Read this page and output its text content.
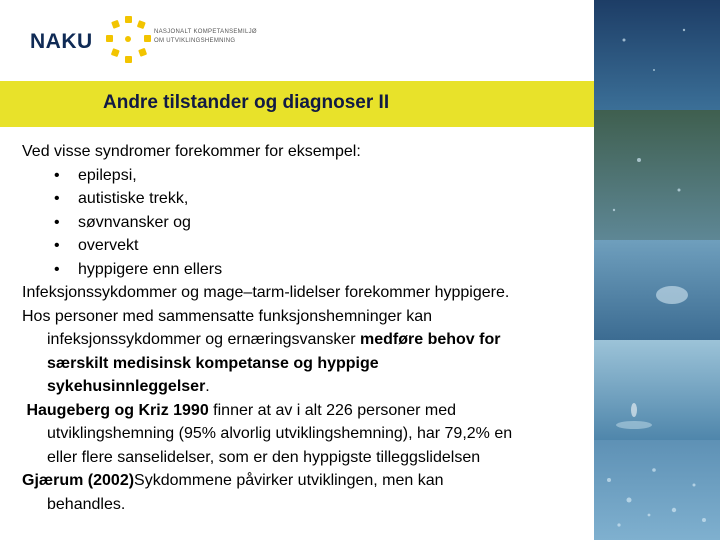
NAKU	NASJONALT KOMPETANSEMILJØ
OM UTVIKLINGSHEMNING
Andre tilstander og diagnoser II
Ved visse syndromer forekommer for eksempel:
• epilepsi,
• autistiske trekk,
• søvnvansker og
• overvekt
• hyppigere enn ellers
Infeksjonssykdommer og mage–tarm-lidelser forekommer hyppigere.
Hos personer med sammensatte funksjonshemninger kan
infeksjonssykdommer og ernæringsvansker medføre behov for
særskilt medisinsk kompetanse og hyppige
sykehusinnleggelser.
Haugeberg og Kriz 1990 finner at av i alt 226 personer med
utviklingshemning (95% alvorlig utviklingshemning), har 79,2% en
eller flere sanselidelser, som er den hyppigste tilleggslidelsen
Gjærum (2002)Sykdommene påvirker utviklingen, men kan
behandles.
